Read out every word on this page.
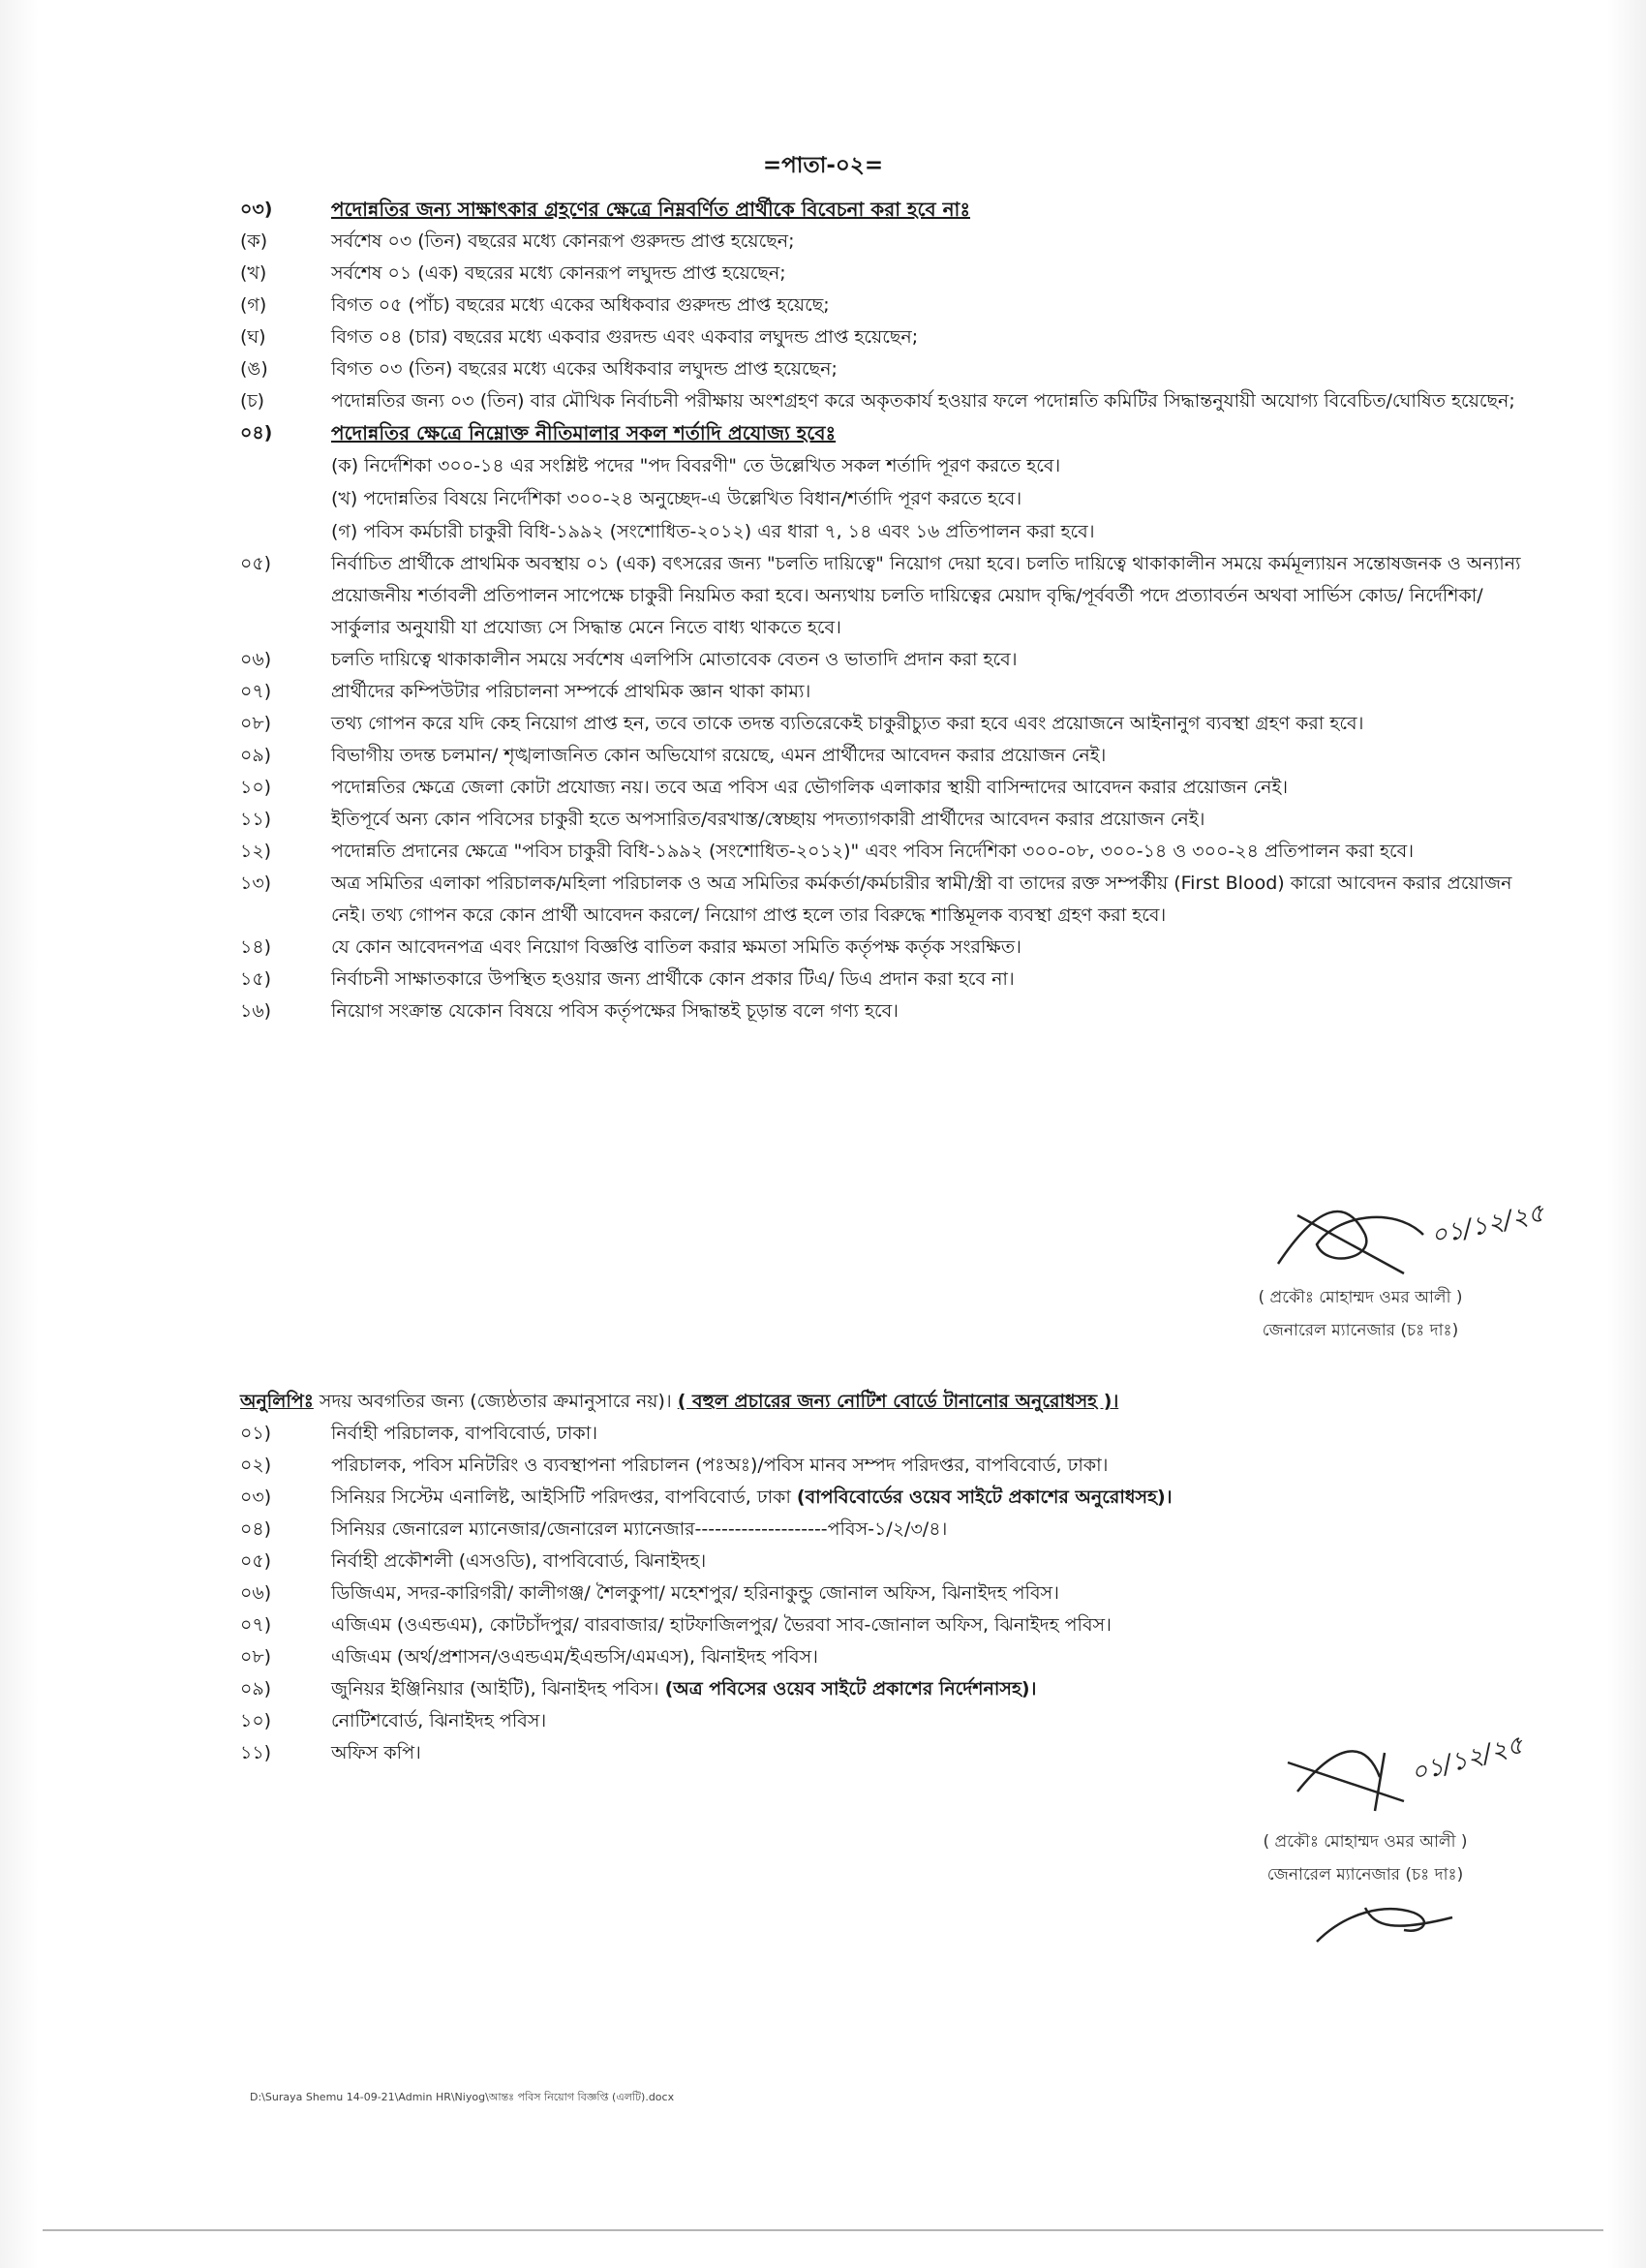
=পাতা-০২=
০৩)	পদোন্নতির জন্য সাক্ষাৎকার গ্রহণের ক্ষেত্রে নিম্নবর্ণিত প্রার্থীকে বিবেচনা করা হবে নাঃ
(ক)	সর্বশেষ ০৩ (তিন) বছরের মধ্যে কোনরূপ গুরুদন্ড প্রাপ্ত হয়েছেন;
(খ)	সর্বশেষ ০১ (এক) বছরের মধ্যে কোনরূপ লঘুদন্ড প্রাপ্ত হয়েছেন;
(গ)	বিগত ০৫ (পাঁচ) বছরের মধ্যে একের অধিকবার গুরুদন্ড প্রাপ্ত হয়েছে;
(ঘ)	বিগত ০৪ (চার) বছরের মধ্যে একবার গুরদন্ড এবং একবার লঘুদন্ড প্রাপ্ত হয়েছেন;
(ঙ)	বিগত ০৩ (তিন) বছরের মধ্যে একের অধিকবার লঘুদন্ড প্রাপ্ত হয়েছেন;
(চ)	পদোন্নতির জন্য ০৩ (তিন) বার মৌখিক নির্বাচনী পরীক্ষায় অংশগ্রহণ করে অকৃতকার্য হওয়ার ফলে পদোন্নতি কমিটির সিদ্ধান্তনুযায়ী অযোগ্য বিবেচিত/ঘোষিত হয়েছেন;
০৪)	পদোন্নতির ক্ষেত্রে নিম্নোক্ত নীতিমালার সকল শর্তাদি প্রযোজ্য হবেঃ
(ক) নির্দেশিকা ৩০০-১৪ এর সংশ্লিষ্ট পদের "পদ বিবরণী" তে উল্লেখিত সকল শর্তাদি পূরণ করতে হবে।
(খ) পদোন্নতির বিষয়ে নির্দেশিকা ৩০০-২৪ অনুচ্ছেদ-এ উল্লেখিত বিধান/শর্তাদি পূরণ করতে হবে।
(গ) পবিস কর্মচারী চাকুরী বিধি-১৯৯২ (সংশোধিত-২০১২) এর ধারা ৭, ১৪ এবং ১৬ প্রতিপালন করা হবে।
০৫)	নির্বাচিত প্রার্থীকে প্রাথমিক অবস্থায় ০১ (এক) বৎসরের জন্য "চলতি দায়িত্বে" নিয়োগ দেয়া হবে। চলতি দায়িত্বে থাকাকালীন সময়ে কর্মমূল্যায়ন সন্তোষজনক ও অন্যান্য প্রয়োজনীয় শর্তাবলী প্রতিপালন সাপেক্ষে চাকুরী নিয়মিত করা হবে। অন্যথায় চলতি দায়িত্বের মেয়াদ বৃদ্ধি/পূর্ববর্তী পদে প্রত্যাবর্তন অথবা সার্ভিস কোড/ নির্দেশিকা/ সার্কুলার অনুযায়ী যা প্রযোজ্য সে সিদ্ধান্ত মেনে নিতে বাধ্য থাকতে হবে।
০৬)	চলতি দায়িত্বে থাকাকালীন সময়ে সর্বশেষ এলপিসি মোতাবেক বেতন ও ভাতাদি প্রদান করা হবে।
০৭)	প্রার্থীদের কম্পিউটার পরিচালনা সম্পর্কে প্রাথমিক জ্ঞান থাকা কাম্য।
০৮)	তথ্য গোপন করে যদি কেহ নিয়োগ প্রাপ্ত হন, তবে তাকে তদন্ত ব্যতিরেকেই চাকুরীচ্যুত করা হবে এবং প্রয়োজনে আইনানুগ ব্যবস্থা গ্রহণ করা হবে।
০৯)	বিভাগীয় তদন্ত চলমান/ শৃঙ্খলাজনিত কোন অভিযোগ রয়েছে, এমন প্রার্থীদের আবেদন করার প্রয়োজন নেই।
১০)	পদোন্নতির ক্ষেত্রে জেলা কোটা প্রযোজ্য নয়। তবে অত্র পবিস এর ভৌগলিক এলাকার স্থায়ী বাসিন্দাদের আবেদন করার প্রয়োজন নেই।
১১)	ইতিপূর্বে অন্য কোন পবিসের চাকুরী হতে অপসারিত/বরখাস্ত/স্বেচ্ছায় পদত্যাগকারী প্রার্থীদের আবেদন করার প্রয়োজন নেই।
১২)	পদোন্নতি প্রদানের ক্ষেত্রে "পবিস চাকুরী বিধি-১৯৯২ (সংশোধিত-২০১২)" এবং পবিস নির্দেশিকা ৩০০-০৮, ৩০০-১৪ ও ৩০০-২৪ প্রতিপালন করা হবে।
১৩)	অত্র সমিতির এলাকা পরিচালক/মহিলা পরিচালক ও অত্র সমিতির কর্মকর্তা/কর্মচারীর স্বামী/স্ত্রী বা তাদের রক্ত সম্পর্কীয় (First Blood) কারো আবেদন করার প্রয়োজন নেই। তথ্য গোপন করে কোন প্রার্থী আবেদন করলে/ নিয়োগ প্রাপ্ত হলে তার বিরুদ্ধে শাস্তিমূলক ব্যবস্থা গ্রহণ করা হবে।
১৪)	যে কোন আবেদনপত্র এবং নিয়োগ বিজ্ঞপ্তি বাতিল করার ক্ষমতা সমিতি কর্তৃপক্ষ কর্তৃক সংরক্ষিত।
১৫)	নির্বাচনী সাক্ষাতকারে উপস্থিত হওয়ার জন্য প্রার্থীকে কোন প্রকার টিএ/ ডিএ প্রদান করা হবে না।
১৬)	নিয়োগ সংক্রান্ত যেকোন বিষয়ে পবিস কর্তৃপক্ষের সিদ্ধান্তই চূড়ান্ত বলে গণ্য হবে।
০১/১২/২৫
( প্রকৌঃ মোহাম্মদ ওমর আলী )
জেনারেল ম্যানেজার (চঃ দাঃ)
অনুলিপিঃ সদয় অবগতির জন্য (জ্যেষ্ঠতার ক্রমানুসারে নয়)। ( বহুল প্রচারের জন্য নোটিশ বোর্ডে টানানোর অনুরোধসহ )।
০১)	নির্বাহী পরিচালক, বাপবিবোর্ড, ঢাকা।
০২)	পরিচালক, পবিস মনিটরিং ও ব্যবস্থাপনা পরিচালন (পঃঅঃ)/পবিস মানব সম্পদ পরিদপ্তর, বাপবিবোর্ড, ঢাকা।
০৩)	সিনিয়র সিস্টেম এনালিষ্ট, আইসিটি পরিদপ্তর, বাপবিবোর্ড, ঢাকা (বাপবিবোর্ডের ওয়েব সাইটে প্রকাশের অনুরোধসহ)।
০৪)	সিনিয়র জেনারেল ম্যানেজার/জেনারেল ম্যানেজার--------------------পবিস-১/২/৩/৪।
০৫)	নির্বাহী প্রকৌশলী (এসওডি), বাপবিবোর্ড, ঝিনাইদহ।
০৬)	ডিজিএম, সদর-কারিগরী/ কালীগঞ্জ/ শৈলকুপা/ মহেশপুর/ হরিনাকুন্ডু জোনাল অফিস, ঝিনাইদহ পবিস।
০৭)	এজিএম (ওএন্ডএম), কোটচাঁদপুর/ বারবাজার/ হাটফাজিলপুর/ ভৈরবা সাব-জোনাল অফিস, ঝিনাইদহ পবিস।
০৮)	এজিএম (অর্থ/প্রশাসন/ওএন্ডএম/ইএন্ডসি/এমএস), ঝিনাইদহ পবিস।
০৯)	জুনিয়র ইঞ্জিনিয়ার (আইটি), ঝিনাইদহ পবিস। (অত্র পবিসের ওয়েব সাইটে প্রকাশের নির্দেশনাসহ)।
১০)	নোটিশবোর্ড, ঝিনাইদহ পবিস।
১১)	অফিস কপি।	০১/১২/২৫
( প্রকৌঃ মোহাম্মদ ওমর আলী )
জেনারেল ম্যানেজার (চঃ দাঃ)
D:\Suraya Shemu 14-09-21\Admin HR\Niyog\আন্তঃ পবিস নিয়োগ বিজ্ঞপ্তি (এলটি).docx
